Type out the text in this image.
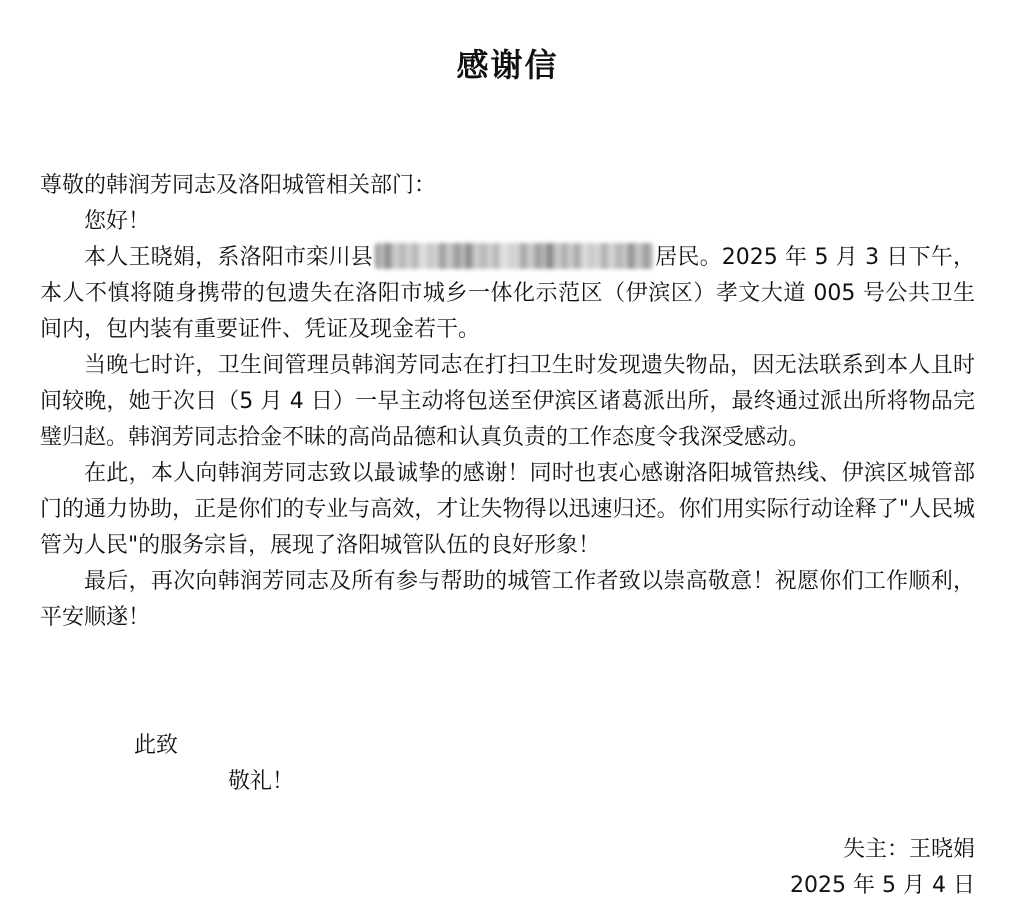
感谢信
尊敬的韩润芳同志及洛阳城管相关部门：
您好！

本人王晓娟，系洛阳市栾川县	居民。2025 年 5 月 3 日下午，本人不慎将随身携带的包遗失在洛阳市城乡一体化示范区（伊滨区）孝文大道 005 号公共卫生间内，包内装有重要证件、凭证及现金若干。

当晚七时许，卫生间管理员韩润芳同志在打扫卫生时发现遗失物品，因无法联系到本人且时间较晚，她于次日（5 月 4 日）一早主动将包送至伊滨区诸葛派出所，最终通过派出所将物品完璧归赵。韩润芳同志拾金不昧的高尚品德和认真负责的工作态度令我深受感动。

在此，本人向韩润芳同志致以最诚挚的感谢！同时也衷心感谢洛阳城管热线、伊滨区城管部门的通力协助，正是你们的专业与高效，才让失物得以迅速归还。你们用实际行动诠释了"人民城管为人民"的服务宗旨，展现了洛阳城管队伍的良好形象！

最后，再次向韩润芳同志及所有参与帮助的城管工作者致以崇高敬意！祝愿你们工作顺利，平安顺遂！

此致
敬礼！
失主：王晓娟
2025 年 5 月 4 日
